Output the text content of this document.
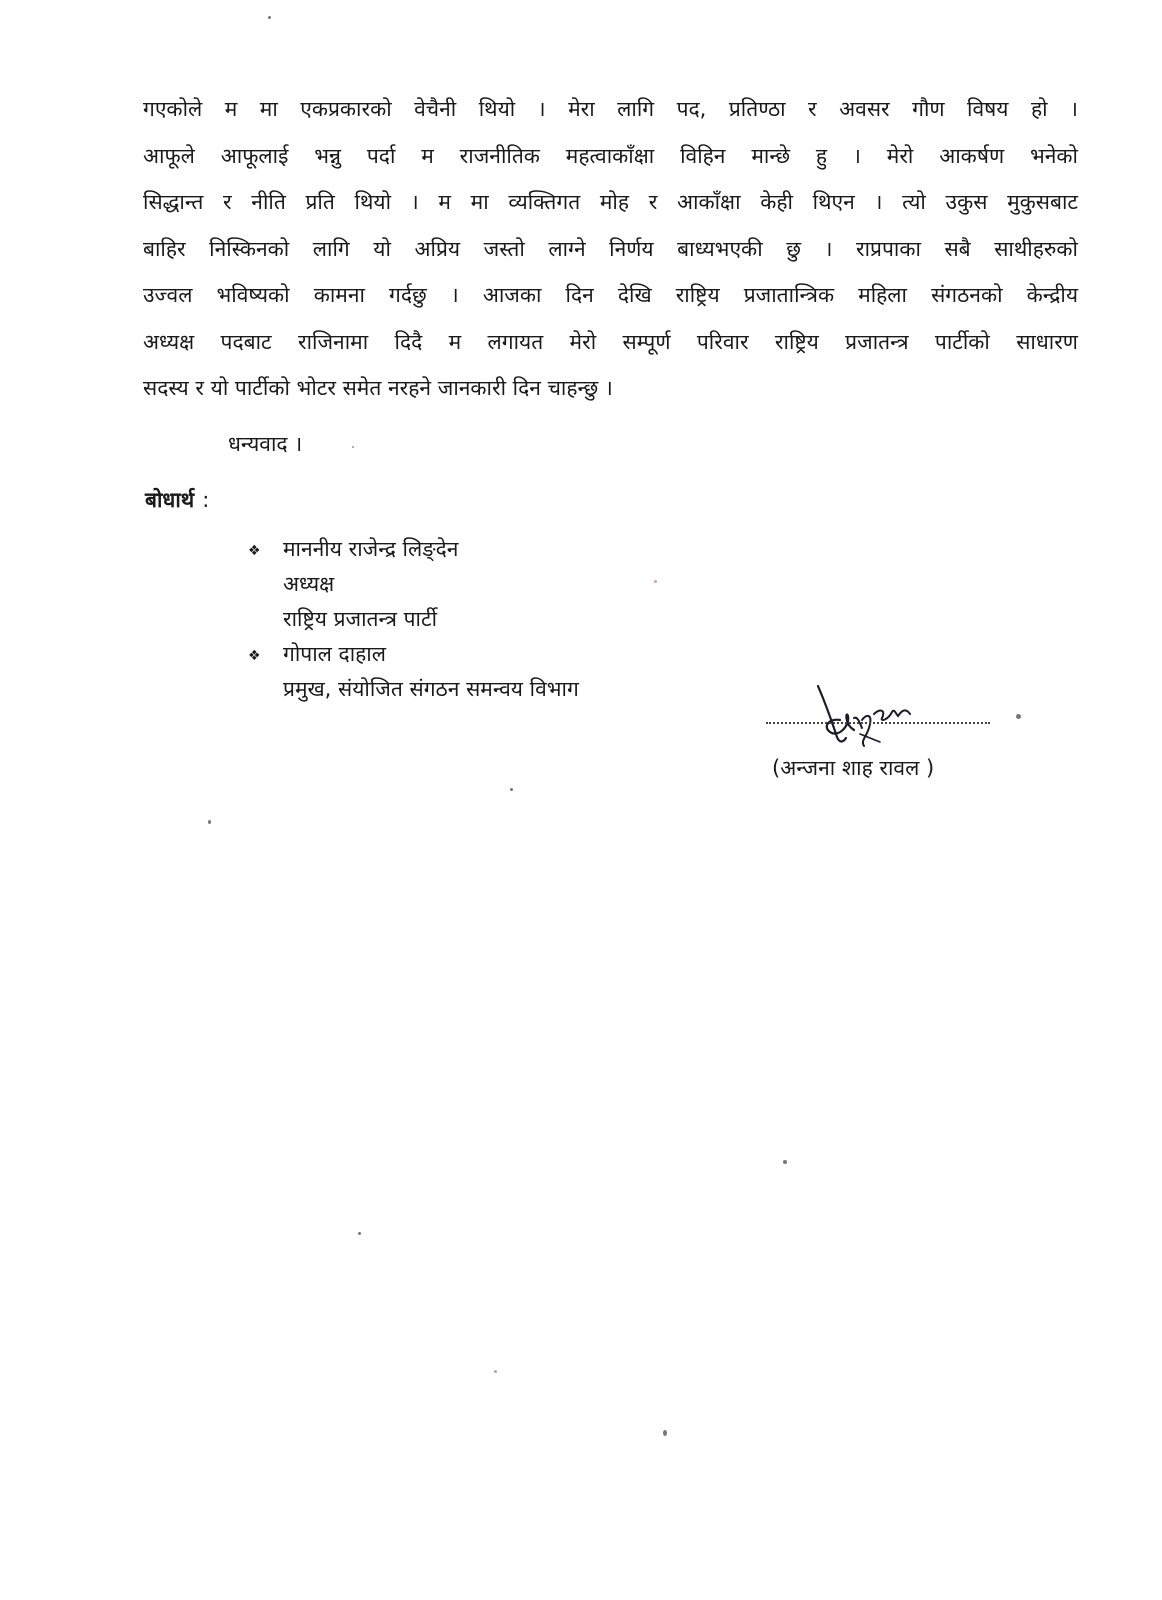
गएकोले म मा एकप्रकारको वेचैनी थियो । मेरा लागि पद, प्रतिण्ठा र अवसर गौण विषय हो ।
आफूले आफूलाई भन्नु पर्दा म राजनीतिक महत्वाकाँक्षा विहिन मान्छे हु । मेरो आकर्षण भनेको
सिद्धान्त र नीति प्रति थियो । म मा व्यक्तिगत मोह र आकाँक्षा केही थिएन । त्यो उकुस मुकुसबाट
बाहिर निस्किनको लागि यो अप्रिय जस्तो लाग्ने निर्णय बाध्यभएकी छु । राप्रपाका सबै साथीहरुको
उज्वल भविष्यको कामना गर्दछु । आजका दिन देखि राष्ट्रिय प्रजातान्त्रिक महिला संगठनको केन्द्रीय
अध्यक्ष पदबाट राजिनामा दिदै म लगायत मेरो सम्पूर्ण परिवार राष्ट्रिय प्रजातन्त्र पार्टीको साधारण
सदस्य र यो पार्टीको भोटर समेत नरहने जानकारी दिन चाहन्छु ।
धन्यवाद ।
बोधार्थ :
❖ माननीय राजेन्द्र लिङ्देन
अध्यक्ष
राष्ट्रिय प्रजातन्त्र पार्टी
❖ गोपाल दाहाल
प्रमुख, संयोजित संगठन समन्वय विभाग
(अन्जना शाह रावल )
